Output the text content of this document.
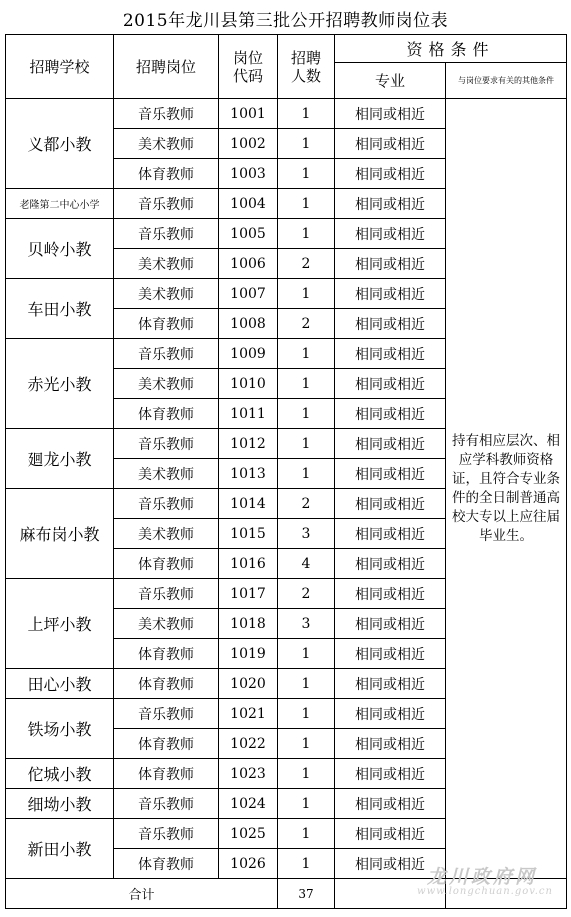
2015年龙川县第三批公开招聘教师岗位表
招聘学校	招聘岗位	岗位代码	招聘人数	资格条件	
				专业	与岗位要求有关的其他条件
义都小教	音乐教师	1001	1	相同或相近	持有相应层次、相应学科教师资格证，且符合专业条件的全日制普通高校大专以上应往届毕业生。
	美术教师	1002	1	相同或相近	
	体育教师	1003	1	相同或相近	
老隆第二中心小学	音乐教师	1004	1	相同或相近	
贝岭小教	音乐教师	1005	1	相同或相近	
	美术教师	1006	2	相同或相近	
车田小教	美术教师	1007	1	相同或相近	
	体育教师	1008	2	相同或相近	
赤光小教	音乐教师	1009	1	相同或相近	
	美术教师	1010	1	相同或相近	
	体育教师	1011	1	相同或相近	
廻龙小教	音乐教师	1012	1	相同或相近	
	美术教师	1013	1	相同或相近	
麻布岗小教	音乐教师	1014	2	相同或相近	
	美术教师	1015	3	相同或相近	
	体育教师	1016	4	相同或相近	
上坪小教	音乐教师	1017	2	相同或相近	
	美术教师	1018	3	相同或相近	
	体育教师	1019	1	相同或相近	
田心小教	体育教师	1020	1	相同或相近	
铁场小教	音乐教师	1021	1	相同或相近	
	体育教师	1022	1	相同或相近	
佗城小教	体育教师	1023	1	相同或相近	
细坳小教	音乐教师	1024	1	相同或相近	
新田小教	音乐教师	1025	1	相同或相近	
	体育教师	1026	1	相同或相近	
合计			37		
龙川政府网
www.longchuan.gov.cn
